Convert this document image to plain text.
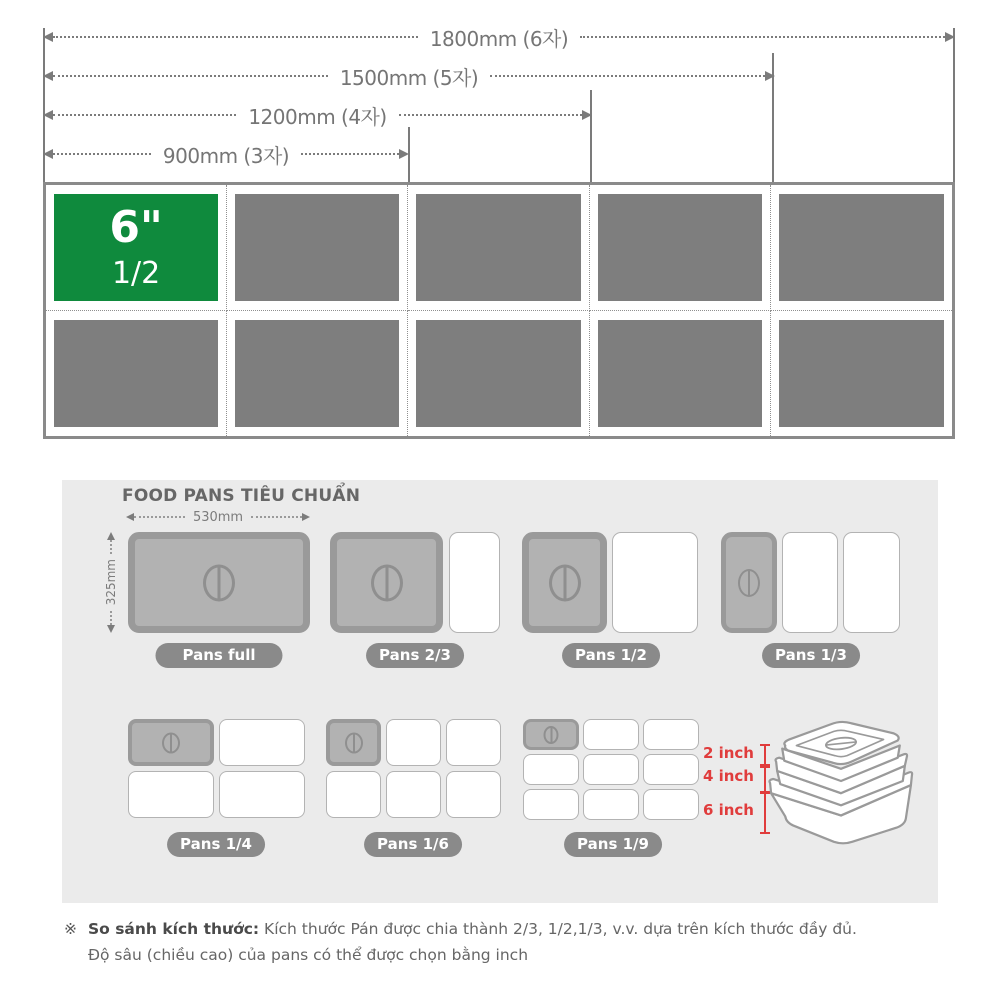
1800mm (6자)
1500mm (5자)
1200mm (4자)
900mm (3자)
6"
1/2
FOOD PANS TIÊU CHUẨN
530mm
325mm
Pans full	Pans 2/3	Pans 1/2	Pans 1/3
Pans 1/4	Pans 1/6	Pans 1/9
2 inch
4 inch
6 inch
※ So sánh kích thước: Kích thước Pán được chia thành 2/3, 1/2,1/3, v.v. dựa trên kích thước đầy đủ.
Độ sâu (chiều cao) của pans có thể được chọn bằng inch
